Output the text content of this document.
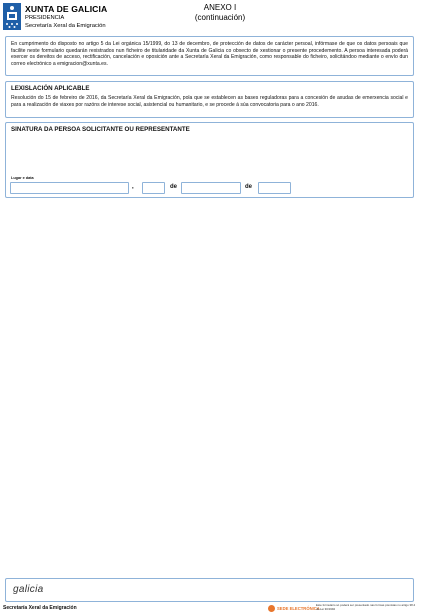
XUNTA DE GALICIA
PRESIDENCIA
Secretaría Xeral da Emigración
ANEXO I
(continuación)

En cumprimento do disposto no artigo 5 da Lei orgánica 15/1999, do 13 de decembro, de protección de datos de carácter persoal, infórmase de que os datos persoais que facilite neste formulario quedarán rexistrados nun ficheiro de titularidade da Xunta de Galicia co obxecto de xestionar o presente procedemento. A persoa interesada poderá exercer os dereitos de acceso, rectificación, cancelación e oposición ante a Secretaría Xeral da Emigración, como responsable do ficheiro, solicitándoo mediante o envío dun correo electrónico a emigracion@xunta.es.

LEXISLACIÓN APLICABLE

Resolución do 15 de febreiro de 2016, da Secretaría Xeral da Emigración, pola que se establecen as bases reguladoras para a concesión de axudas de emerxencia social e para a realización de viaxes por razóns de interese social, asistencial ou humanitario, e se procede á súa convocatoria para o ano 2016.

SINATURA DA PERSOA SOLICITANTE OU REPRESENTANTE
Lugar e data
,	de	de
galicia
Secretaría Xeral da Emigración	SEDE ELECTRÓNICA
Este formulario só poderá ser presentado nas formas previstas no artigo 38.4 da Lei 30/1992
